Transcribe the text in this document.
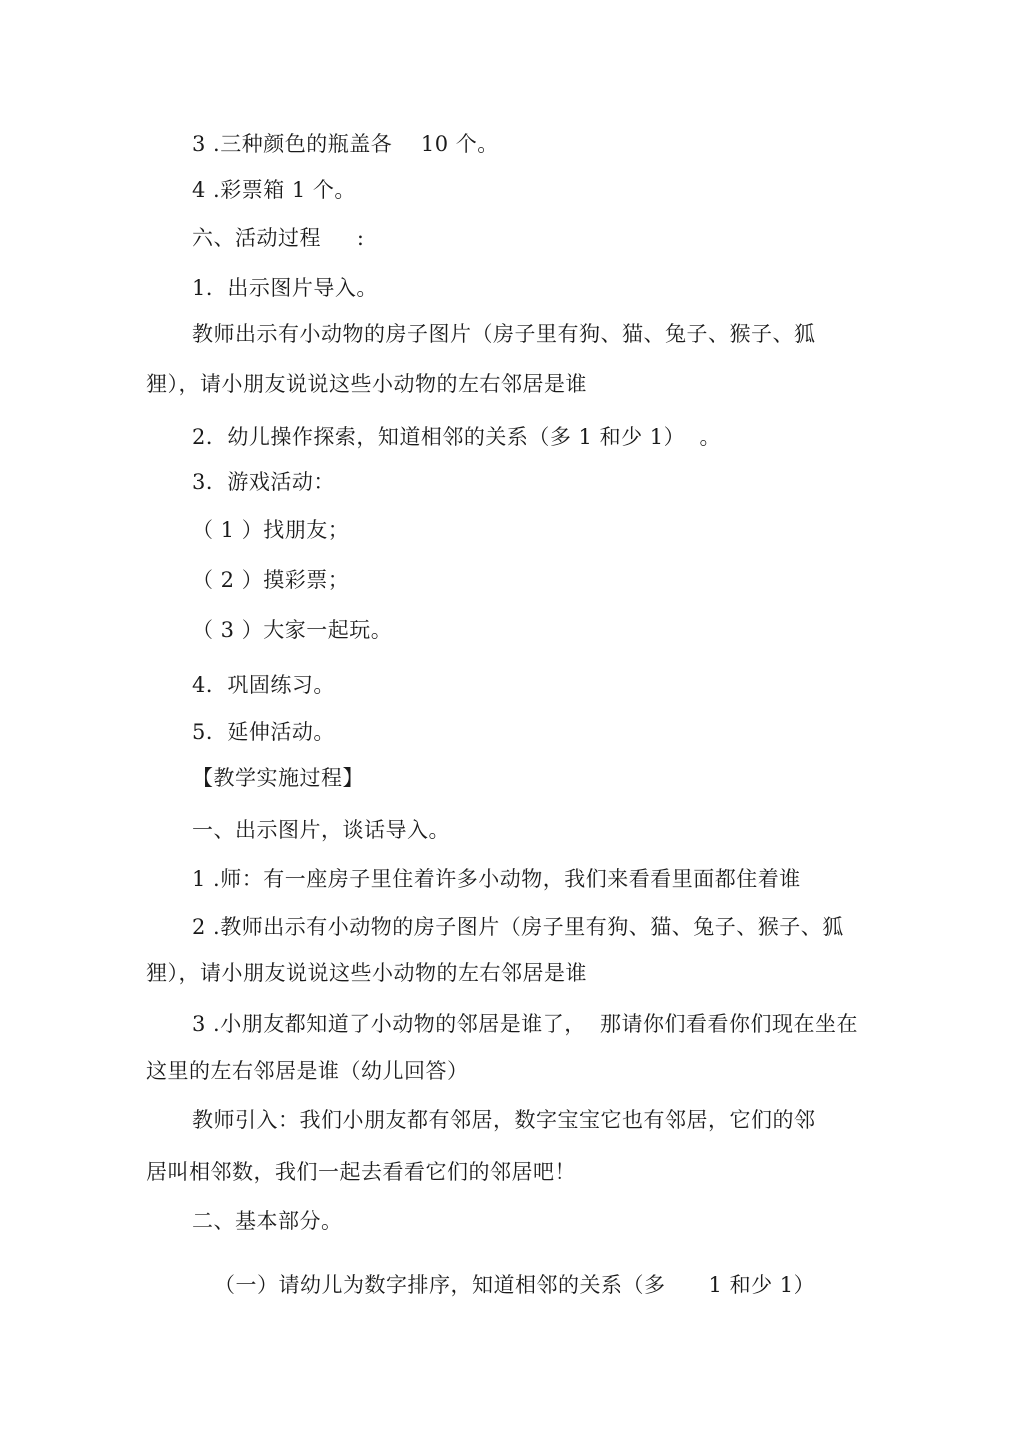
3 .三种颜色的瓶盖各    10 个。
4 .彩票箱 1 个。
六、活动过程     :
1．出示图片导入。
教师出示有小动物的房子图片（房子里有狗、猫、兔子、猴子、狐
狸），请小朋友说说这些小动物的左右邻居是谁
2．幼儿操作探索，知道相邻的关系（多 1 和少 1）  。
3．游戏活动：
（ 1 ）找朋友；
（ 2 ）摸彩票；
（ 3 ）大家一起玩。
4．巩固练习。
5．延伸活动。
【教学实施过程】
一、出示图片，谈话导入。
1 .师：有一座房子里住着许多小动物，我们来看看里面都住着谁
2 .教师出示有小动物的房子图片（房子里有狗、猫、兔子、猴子、狐
狸），请小朋友说说这些小动物的左右邻居是谁
3 .小朋友都知道了小动物的邻居是谁了，  那请你们看看你们现在坐在
这里的左右邻居是谁（幼儿回答）
教师引入：我们小朋友都有邻居，数字宝宝它也有邻居，它们的邻
居叫相邻数，我们一起去看看它们的邻居吧！
二、基本部分。
（一）请幼儿为数字排序，知道相邻的关系（多      1 和少 1）
